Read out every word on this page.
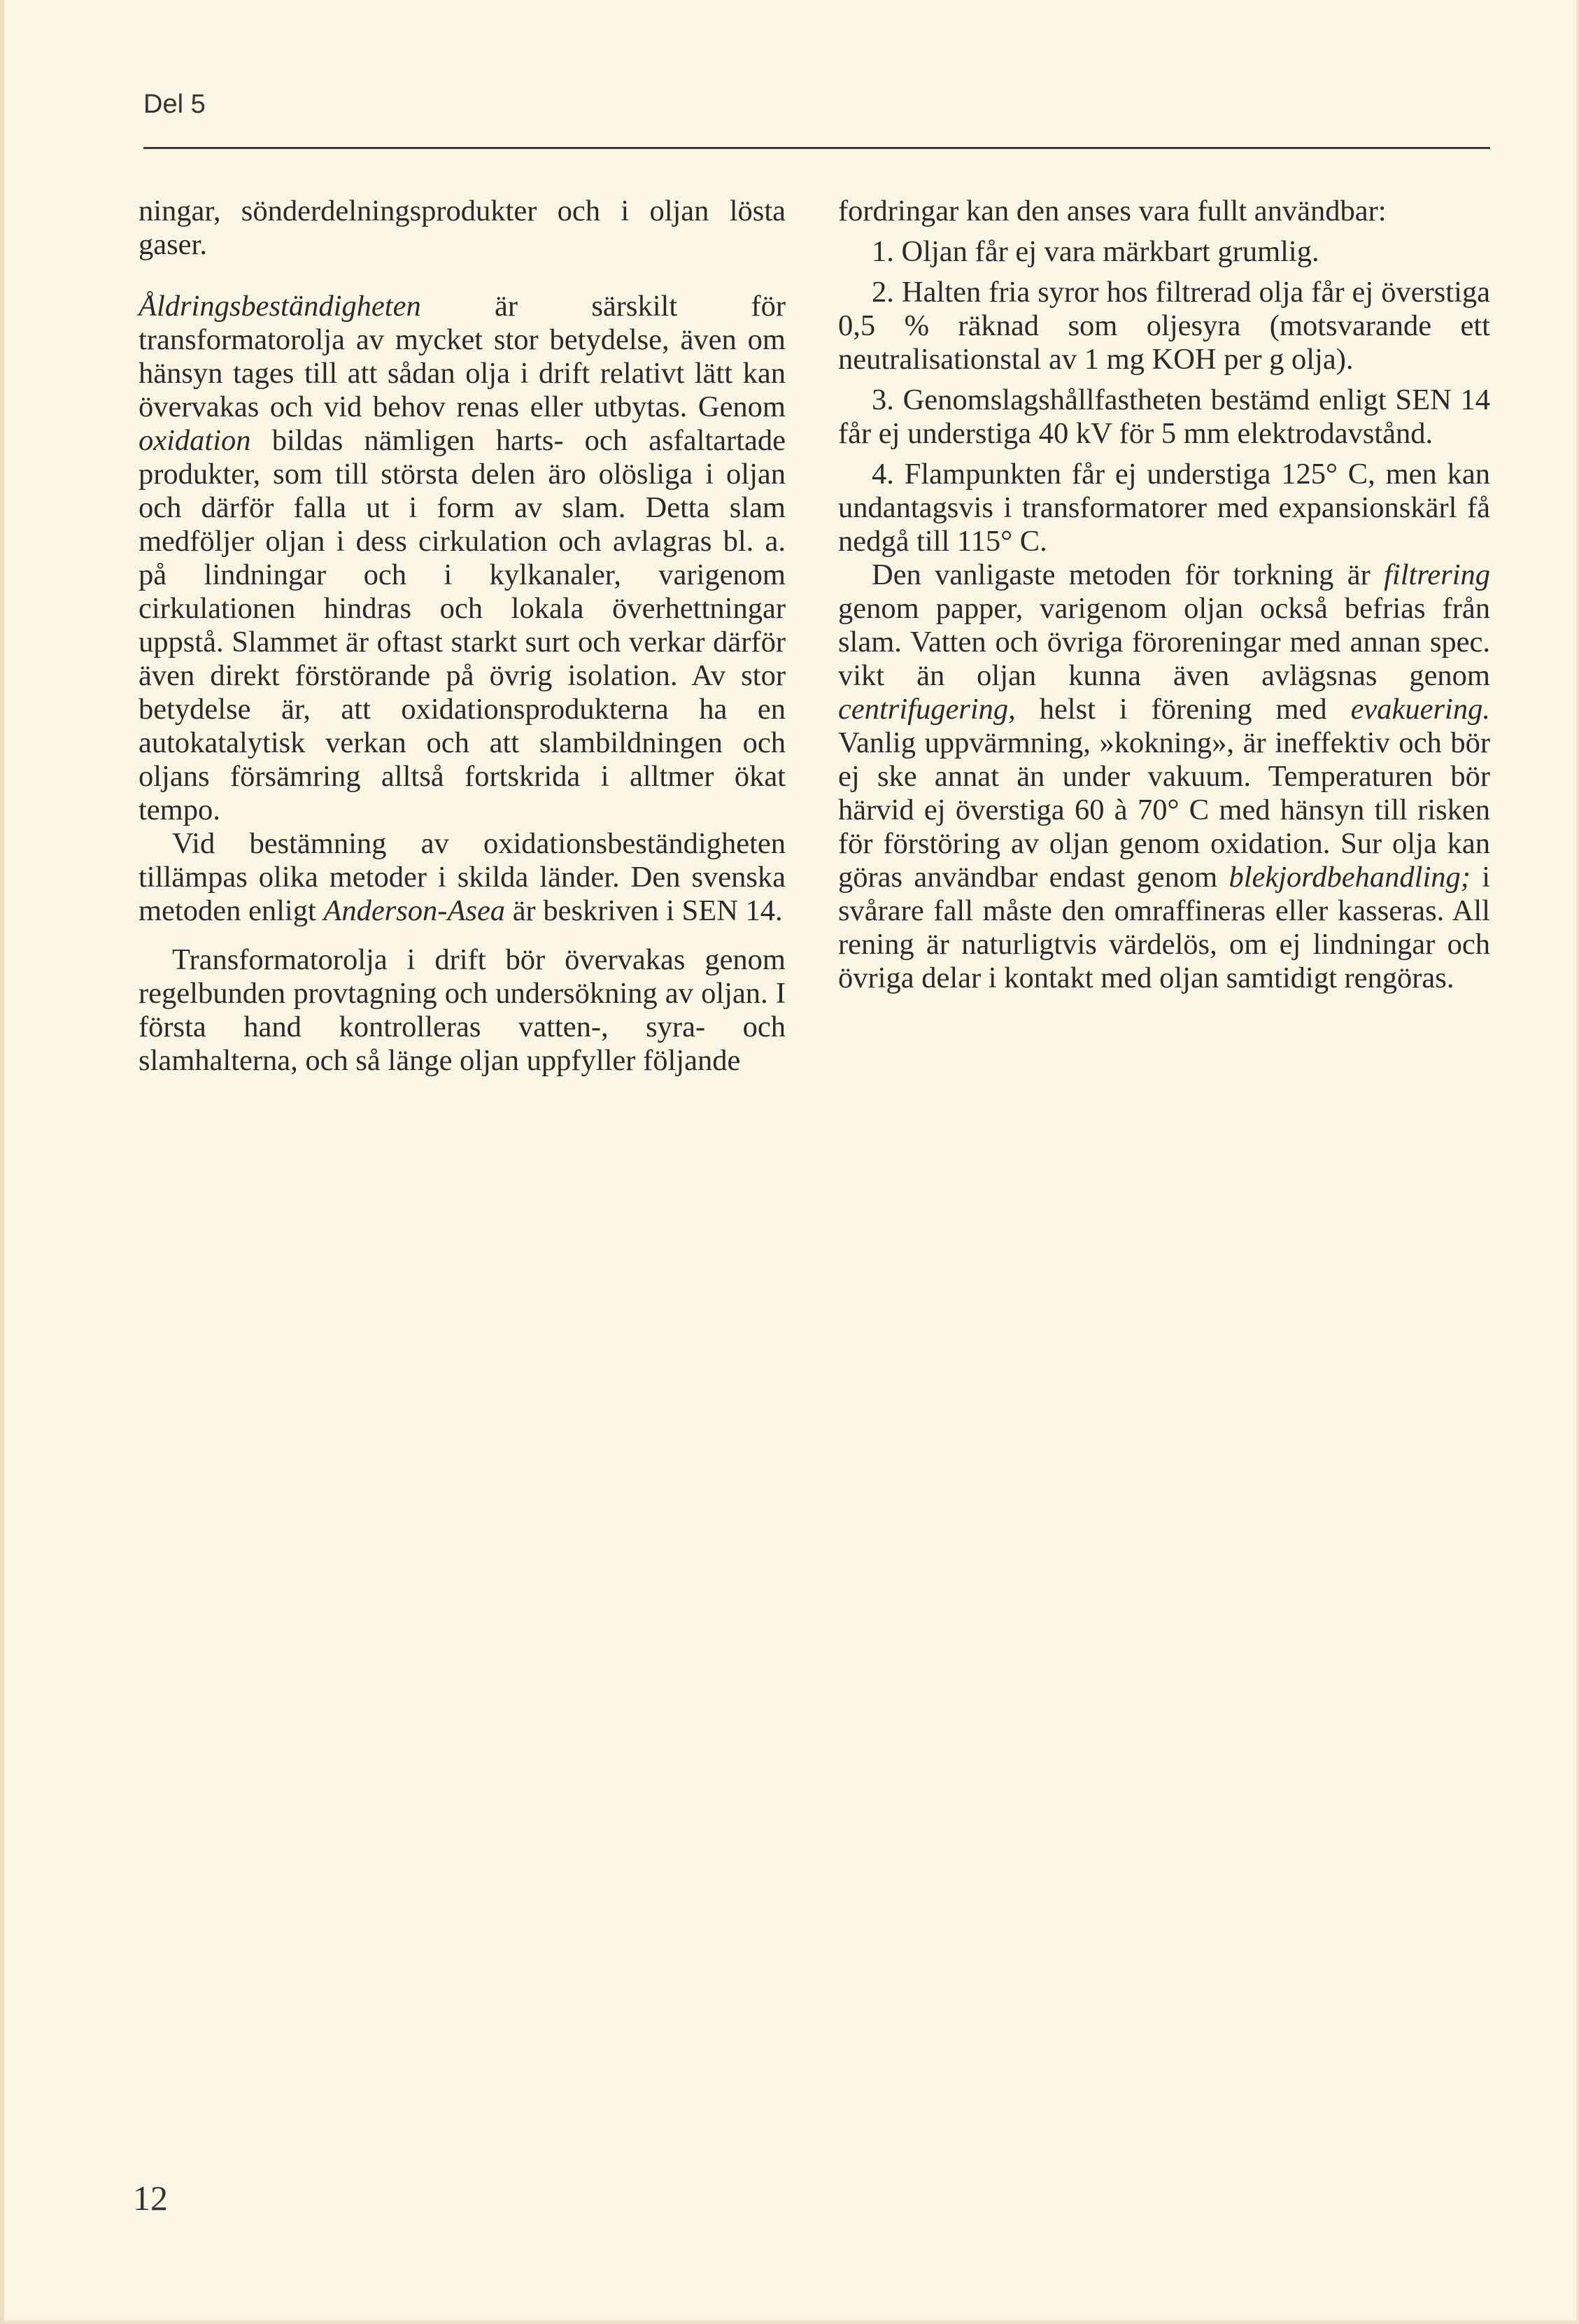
Del 5

ningar, sönderdelningsprodukter och i oljan lösta gaser.

Åldringsbeständigheten är särskilt för transformatorolja av mycket stor betydelse, även om hänsyn tages till att sådan olja i drift relativt lätt kan övervakas och vid behov renas eller utbytas. Genom oxidation bildas nämligen harts- och asfaltartade produkter, som till största delen äro olösliga i oljan och därför falla ut i form av slam. Detta slam medföljer oljan i dess cirkulation och avlagras bl. a. på lindningar och i kylkanaler, varigenom cirkulationen hindras och lokala överhettningar uppstå. Slammet är oftast starkt surt och verkar därför även direkt förstörande på övrig isolation. Av stor betydelse är, att oxidationsprodukterna ha en autokatalytisk verkan och att slambildningen och oljans försämring alltså fortskrida i alltmer ökat tempo.

Vid bestämning av oxidationsbeständigheten tillämpas olika metoder i skilda länder. Den svenska metoden enligt Anderson-Asea är beskriven i SEN 14.

Transformatorolja i drift bör övervakas genom regelbunden provtagning och undersökning av oljan. I första hand kontrolleras vatten-, syra- och slamhalterna, och så länge oljan uppfyller följande

fordringar kan den anses vara fullt användbar:

1. Oljan får ej vara märkbart grumlig.

2. Halten fria syror hos filtrerad olja får ej överstiga 0,5 % räknad som oljesyra (motsvarande ett neutralisationstal av 1 mg KOH per g olja).

3. Genomslagshållfastheten bestämd enligt SEN 14 får ej understiga 40 kV för 5 mm elektrodavstånd.

4. Flampunkten får ej understiga 125° C, men kan undantagsvis i transformatorer med expansionskärl få nedgå till 115° C.

Den vanligaste metoden för torkning är filtrering genom papper, varigenom oljan också befrias från slam. Vatten och övriga föroreningar med annan spec. vikt än oljan kunna även avlägsnas genom centrifugering, helst i förening med evakuering. Vanlig uppvärmning, »kokning», är ineffektiv och bör ej ske annat än under vakuum. Temperaturen bör härvid ej överstiga 60 à 70° C med hänsyn till risken för förstöring av oljan genom oxidation. Sur olja kan göras användbar endast genom blekjordbehandling; i svårare fall måste den omraffineras eller kasseras. All rening är naturligtvis värdelös, om ej lindningar och övriga delar i kontakt med oljan samtidigt rengöras.

12
